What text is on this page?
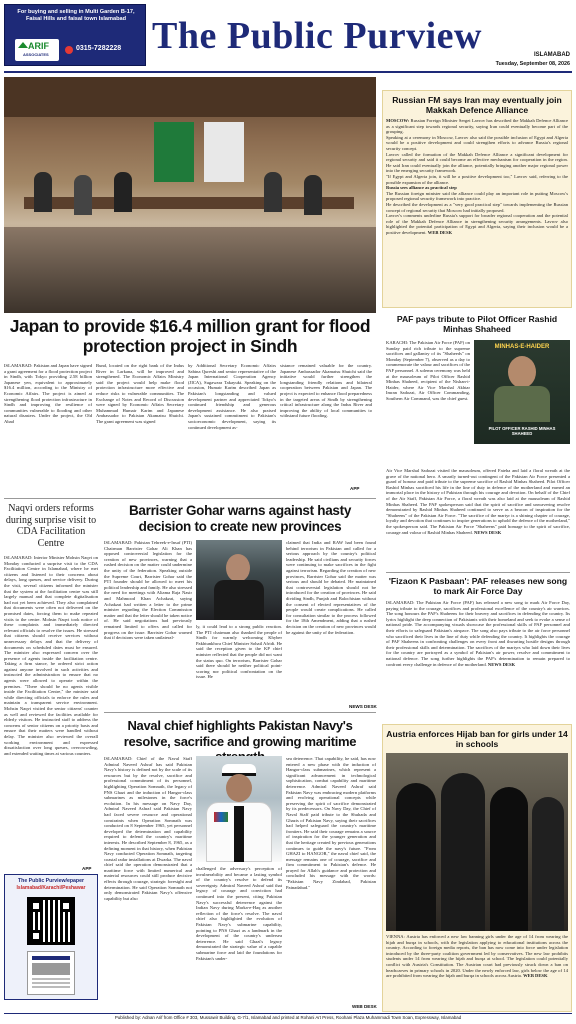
For buying and selling in Multi Garden B-17, Faisal Hills and faisal town Islamabad
ARIF
ASSOCIATES
0315-7282228 The Public Purview	ISLAMABAD
Tuesday, September 08, 2026
Japan to provide $16.4 million grant for flood protection project in Sindh
ISLAMABAD: Pakistan and Japan have signed a grant agreement for a flood protection project in Sindh, with Tokyo providing 2.58 billion Japanese yen, equivalent to approximately $16.4 million, according to the Ministry of Economic Affairs. The project is aimed at strengthening flood protection infrastructure in Sindh and improving the resilience of communities vulnerable to flooding and other natural disasters. Under the project, the Old Abad
Bund, located on the right bank of the Indus River in Larkana, will be improved and strengthened. The Economic Affairs Ministry said the project would help make flood protection infrastructure more effective and reduce risks to vulnerable communities. The Exchange of Notes and Record of Discussion were signed by Economic Affairs Secretary Muhammad Humair Karim and Japanese Ambassador to Pakistan Akamatsu Shuichi. The grant agreement was signed
by Additional Secretary Economic Affairs Sabina Qureshi and senior representative of the Japan International Cooperation Agency (JICA), Sugawara Takayuki. Speaking on the occasion, Humair Karim described Japan as Pakistan's longstanding and valued development partner and appreciated Tokyo's continued friendship and generous development assistance. He also praised Japan's sustained commitment to Pakistan's socioeconomic development, saying its continued development as-
sistance remained valuable for the country. Japanese Ambassador Akamatsu Shuichi said the initiative would further strengthen the longstanding friendly relations and bilateral cooperation between Pakistan and Japan. The project is expected to enhance flood preparedness in the targeted areas of Sindh by strengthening critical infrastructure along the Indus River and improving the ability of local communities to withstand future flooding.
APP
Naqvi orders reforms during surprise visit to CDA Facilitation Centre
ISLAMABAD: Interior Minister Mohsin Naqvi on Monday conducted a surprise visit to the CDA Facilitation Centre in Islamabad, where he met citizens and listened to their concerns about delays, long queues, and service delivery. During the visit, several citizens informed the minister that the system at the facilitation centre was still largely manual and that complete digitalisation had not yet been achieved. They also complained that documents were often not delivered on the promised dates, forcing them to make repeated visits to the centre. Mohsin Naqvi took notice of these complaints and immediately directed relevant officials to resolve the issues. He stressed that citizens should receive services without unnecessary delays and that the delivery of documents on scheduled dates must be ensured. The minister also expressed concern over the presence of agents inside the facilitation centre. Taking a firm stance, he ordered strict action against anyone involved in such activities and instructed the administration to ensure that no agents were allowed to operate within the premises. "There should be no agents visible inside the Facilitation Centre," the minister said while directing officials to enforce the rules and maintain a transparent service environment. Mohsin Naqvi visited the senior citizens' counter as well and reviewed the facilities available for elderly visitors. He instructed staff to address the concerns of senior citizens on a priority basis and ensure that their matters were handled without delay. The minister also reviewed the overall working environment and expressed dissatisfaction over long queues, overcrowding, and extended waiting times at various counters.
APP
The Public Purview/epaper
Islamabad/Karachi/Peshawar
Barrister Gohar warns against hasty decision to create new provinces
ISLAMABAD: Pakistan Tehreek-e-Insaf (PTI) Chairman Barrister Gohar Ali Khan has opposed controversial legislation for the creation of new provinces, warning that a rushed decision on the matter could undermine the unity of the federation. Speaking outside the Supreme Court, Barrister Gohar said the PTI founder should be allowed to meet his political leadership and family. He also stressed the need for meetings with Aliama Raja Nasir and Mahmood Khan Achakzai, saying Achakzai had written a letter to the prime minister regarding the Election Commission matter and that the letter should be taken notice of. He said negotiations had previously remained limited to offers and called for progress on the issue. Barrister Gohar warned that if decisions were taken unilateral-
ly, it could lead to a strong public reaction. The PTI chairman also thanked the people of Sindh for warmly welcoming Khyber Pakhtunkhwa Chief Minister Sohail Afridi. He said the reception given to the KP chief minister reflected that the people did not want the status quo. On terrorism, Barrister Gohar said there should be neither political point-scoring nor political confrontation on the issue. He
claimed that India and RAW had been found behind terrorism in Pakistan and called for a serious approach by the country's political leadership. He said civilians and security forces were continuing to make sacrifices in the fight against terrorism. Regarding the creation of new provinces, Barrister Gohar said the matter was serious and should be debated. He maintained that controversial legislation should not be introduced for the creation of provinces. He said dividing Sindh, Punjab and Balochistan without the consent of elected representatives of the people would create complications. He called for consultation similar to the process followed for the 18th Amendment, adding that a rushed decision on the creation of new provinces would be against the unity of the federation.
NEWS DESK
Naval chief highlights Pakistan Navy's resolve, sacrifice and growing maritime
ISLAMABAD: Chief of the Naval Staff Admiral Naveed Ashraf has said Pakistan Navy's history is defined not by the scale of its resources but by the resolve, sacrifice and professional commitment of its personnel, highlighting Operation Somnath, the legacy of PNS Ghazi and the induction of Hangor-class submarines as milestones in the force's evolution. In his message on Navy Day, Admiral Naveed Ashraf said Pakistan Navy had faced severe resource and operational constraints when Operation Somnath was conducted on 8 September 1965, yet personnel developed the determination and capability required to defend the country's maritime interests. He described September 8, 1965, as a defining moment in that history, when Pakistan Navy conducted Operation Somnath, targeting coastal radar installations at Dwarka. The naval chief said the operation demonstrated that a maritime force with limited numerical and material resources could still produce decisive effects through courage, strategic foresight and determination. He said Operation Somnath not only demonstrated Pakistan Navy's offensive capability but also
challenged the adversary's perception of invulnerability and became a lasting symbol of the country's resolve to defend its sovereignty. Admiral Naveed Ashraf said that legacy of courage and conviction had continued into the present, citing Pakistan Navy's successful deterrence against the Indian Navy during Marka-e-Haq as another reflection of the force's resolve. The naval chief also highlighted the evolution of Pakistan Navy's submarine capability, pointing to PNS Ghazi as a landmark in the development of the country's undersea deterrence. He said Ghazi's legacy demonstrated the strategic value of a capable submarine force and laid the foundations for Pakistan's under-
sea deterrence. That capability, he said, has now entered a new phase with the induction of Hangor-class submarines, which represent a significant advancement in technological sophistication, combat capability and maritime deterrence. Admiral Naveed Ashraf said Pakistan Navy was embracing modern platforms and evolving operational concepts while preserving the spirit of sacrifice demonstrated by its predecessors. On Navy Day, the Chief of Naval Staff paid tribute to the Shuhada and Ghazis of Pakistan Navy, saying their sacrifices had helped safeguard the country's maritime frontiers. He said their courage remains a source of inspiration for the younger generation and that the heritage created by previous generations continues to guide the navy's future. "From GHAZI to HANGOR," the naval chief said, the message remains one of courage, sacrifice and firm commitment to Pakistan's defence. He prayed for Allah's guidance and protection and concluded his message with the words: "Pakistan Navy Zindabad, Pakistan Painadabad."
WEB DESK
Russian FM says Iran may eventually join Makkah Defence Alliance

MOSCOW: Russian Foreign Minister Sergei Lavrov has described the Makkah Defence Alliance as a significant step towards regional security, saying Iran could eventually become part of the grouping.

Speaking at a ceremony in Moscow, Lavrov also said the possible inclusion of Egypt and Algeria would be a positive development and could strengthen efforts to advance Russia's regional security concept.

Lavrov called the formation of the Makkah Defence Alliance a significant development for regional security and said it could become an effective mechanism for cooperation in the region. He said Iran could eventually join the alliance, potentially bringing another major regional power into the emerging security framework.

"If Egypt and Algeria join, it will be a positive development too," Lavrov said, referring to the possible expansion of the alliance.

Russia sees alliance as practical step

The Russian foreign minister said the alliance could play an important role in putting Moscow's proposed regional security framework into practice.

He described the development as a "very good practical step" towards implementing the Russian concept of regional security that Moscow had initially proposed.

Lavrov's comments underline Russia's support for broader regional cooperation and the potential role of the Makkah Defence Alliance in strengthening security arrangements. Lavrov also highlighted the potential participation of Egypt and Algeria, saying their inclusion would be a positive development. WEB DESK

PAF pays tribute to Pilot Officer Rashid Minhas Shaheed
KARACHI: The Pakistan Air Force (PAF) on Sunday paid rich tribute to the supreme sacrifices and gallantry of its "Shaheeds" on Monday (September 7), observed as a day to commemorate the valour and sacrifices of the PAF personnel. A solemn ceremony was held at the mausoleum of Pilot Officer Rashid Minhas Shaheed, recipient of the Nishan-i-Haider, where Air Vice Marshal Akhtar Imran Sadozai, Air Officer Commanding, Southern Air Command, was the chief guest.
MINHAS-E-HAIDER
PILOT OFFICER RASHID MINHAS SHAHEED
Air Vice Marshal Sadozai visited the mausoleum, offered Fateha and laid a floral wreath at the grave of the national hero. A smartly turned-out contingent of the Pakistan Air Force presented a guard of honour and paid tribute to the supreme sacrifice of Rashid Minhas Shaheed. Pilot Officer Rashid Minhas sacrificed his life in the line of duty in defence of the motherland and earned an immortal place in the history of Pakistan through his courage and devotion. On behalf of the Chief of the Air Staff, Pakistan Air Force, a floral wreath was also laid at the mausoleum of Rashid Minhas Shaheed. The PAF spokesperson said that the spirit of sacrifice and unwavering resolve demonstrated by Rashid Minhas Shaheed continued to serve as a beacon of inspiration for the "Shaheens" of the Pakistan Air Force. "The sacrifice of the martyr is a shining chapter of courage, loyalty and devotion that continues to inspire generations to uphold the defence of the motherland," the spokesperson said. The Pakistan Air Force "Shaheens" paid homage to the spirit of sacrifice, courage and valour of Rashid Minhas Shaheed. NEWS DESK
'Fizaon K Pasbaan': PAF releases new song to mark Air Force Day
ISLAMABAD: The Pakistan Air Force (PAF) has released a new song to mark Air Force Day, paying tribute to the courage, sacrifices and professional excellence of the country's air warriors. The song honours the PAF's Shaheens for their bravery and sacrifices in defending the country. Its lyrics highlight the deep connection of Pakistanis with their homeland and seek to evoke a sense of national pride. The accompanying visuals showcase the professional skills of PAF personnel and their efforts to safeguard Pakistan's airspace. The song also pays tribute to the air force personnel who sacrificed their lives in the line of duty while defending the country. It highlights the courage of PAF Shaheens in confronting challenges on every front and thwarting hostile designs through their professional skills and determination. The sacrifices of the martyrs who laid down their lives for the country are portrayed as a symbol of Pakistan's air power, resolve and commitment to national defence. The song further highlights the PAF's determination to remain prepared to confront every challenge in defence of the motherland. NEWS DESK
Austria enforces Hijab ban for girls under 14 in schools
VIENNA: Austria has enforced a new law banning girls under the age of 14 from wearing the hijab and burqa in schools, with the legislation applying to educational institutions across the country. According to foreign media reports, the ban has now come into force under legislation introduced by the three-party coalition government led by conservatives. The new law prohibits students under 14 from wearing the hijab and burqa at school. The legislation could potentially conflict with Austria's Constitution. The Austrian court had previously struck down a ban on headscarves in primary schools in 2020. Under the newly enforced law, girls below the age of 14 are prohibited from wearing the hijab and burqa in schools across Austria. WEB DESK
Published by: Adnan Arif from Office # 303, Mussawir Building, G-7/1, Islamabad and printed at Rohani Art Press, Roohani Plaza Muhammadi Town Soan, Expressway, Islamabad
